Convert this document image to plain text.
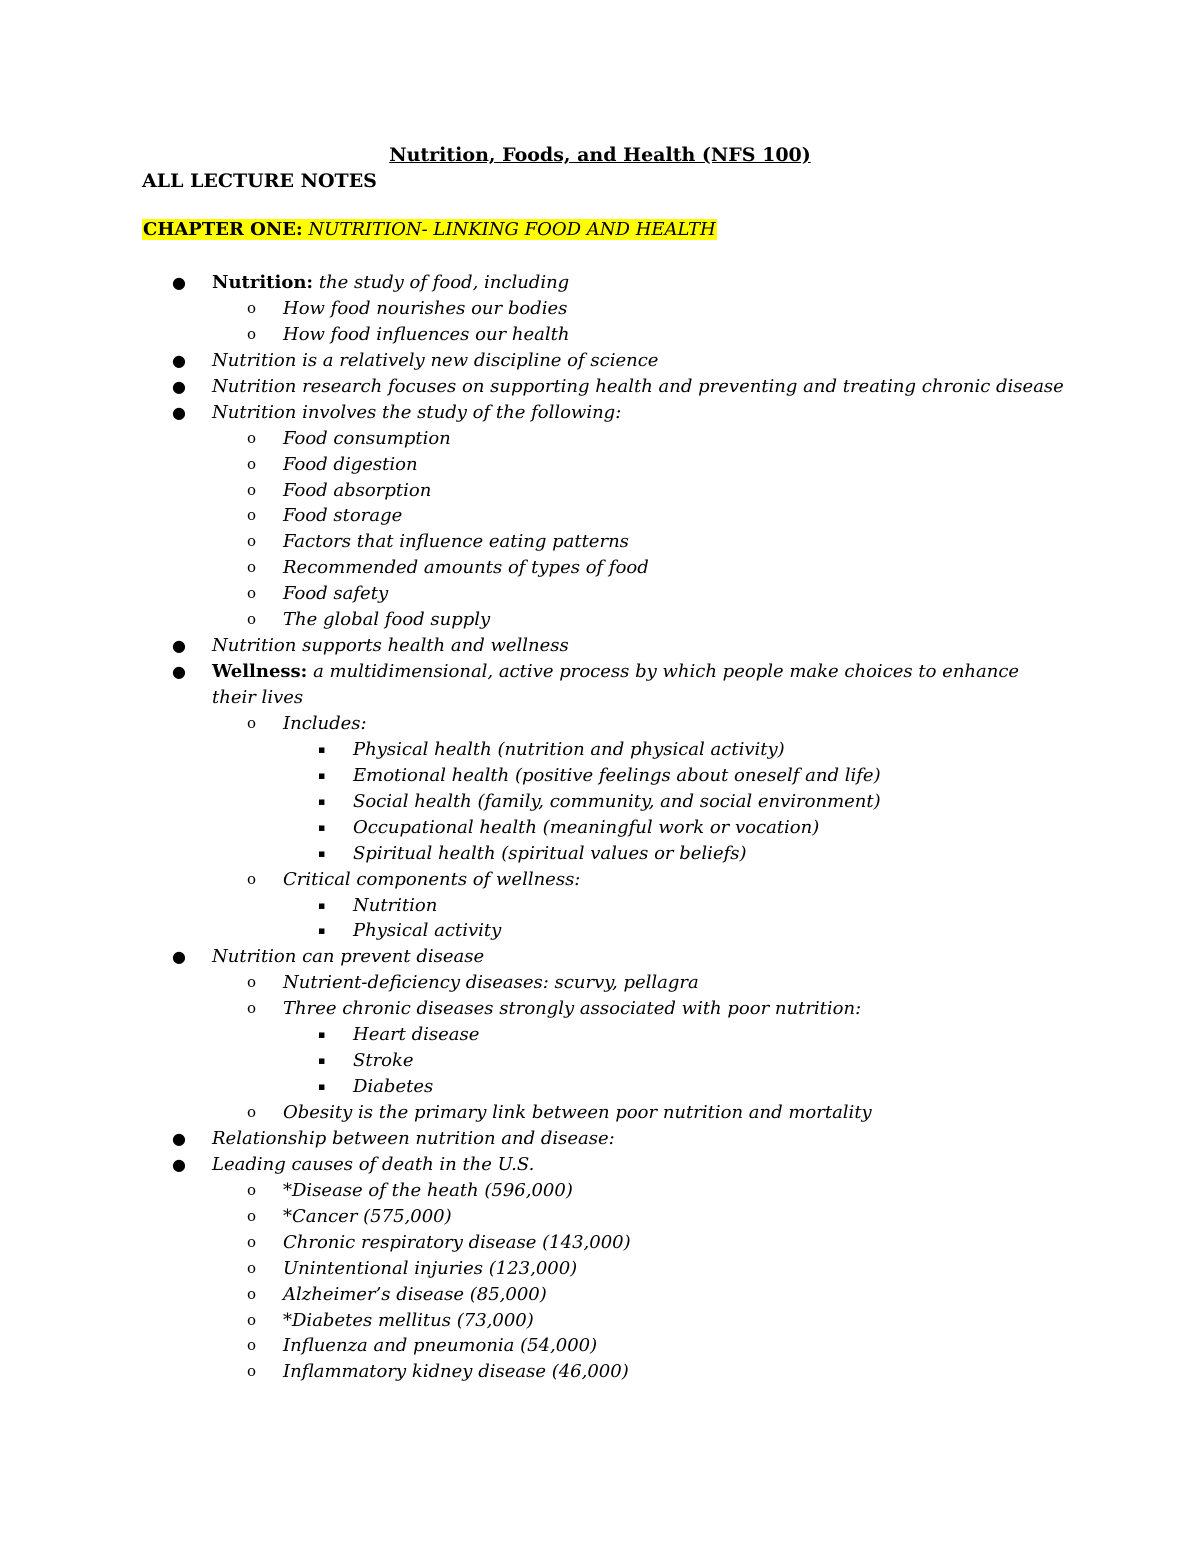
Nutrition, Foods, and Health (NFS 100)
ALL LECTURE NOTES
CHAPTER ONE: NUTRITION- LINKING FOOD AND HEALTH
● Nutrition: the study of food, including
o How food nourishes our bodies
o How food influences our health
● Nutrition is a relatively new discipline of science
● Nutrition research focuses on supporting health and preventing and treating chronic disease
● Nutrition involves the study of the following:
o Food consumption
o Food digestion
o Food absorption
o Food storage
o Factors that influence eating patterns
o Recommended amounts of types of food
o Food safety
o The global food supply
● Nutrition supports health and wellness
● Wellness: a multidimensional, active process by which people make choices to enhance their lives
o Includes:
▪ Physical health (nutrition and physical activity)
▪ Emotional health (positive feelings about oneself and life)
▪ Social health (family, community, and social environment)
▪ Occupational health (meaningful work or vocation)
▪ Spiritual health (spiritual values or beliefs)
o Critical components of wellness:
▪ Nutrition
▪ Physical activity
● Nutrition can prevent disease
o Nutrient-deficiency diseases: scurvy, pellagra
o Three chronic diseases strongly associated with poor nutrition:
▪ Heart disease
▪ Stroke
▪ Diabetes
o Obesity is the primary link between poor nutrition and mortality
● Relationship between nutrition and disease:
● Leading causes of death in the U.S.
o *Disease of the heath (596,000)
o *Cancer (575,000)
o Chronic respiratory disease (143,000)
o Unintentional injuries (123,000)
o Alzheimer’s disease (85,000)
o *Diabetes mellitus (73,000)
o Influenza and pneumonia (54,000)
o Inflammatory kidney disease (46,000)
